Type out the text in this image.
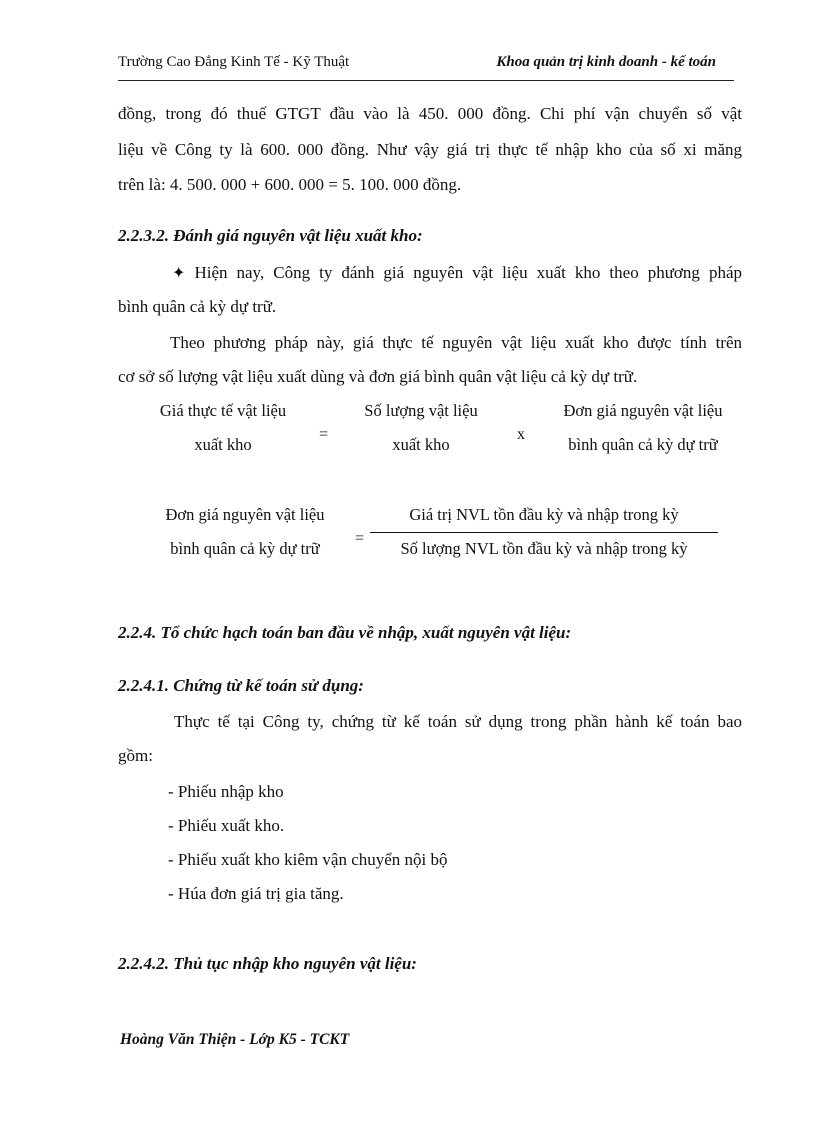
Trường Cao Đẳng Kinh Tế - Kỹ Thuật	Khoa quản trị kinh doanh - kế toán
đồng, trong đó thuế GTGT đầu vào là 450. 000 đồng. Chi phí vận chuyển số vật
liệu về Công ty là 600. 000 đồng. Như vậy giá trị thực tế nhập kho của số xi măng
trên là: 4. 500. 000 + 600. 000 = 5. 100. 000 đồng.
2.2.3.2. Đánh giá nguyên vật liệu xuất kho:
✦ Hiện nay, Công ty đánh giá nguyên vật liệu xuất kho theo phương pháp
bình quân cả kỳ dự trữ.
Theo phương pháp này, giá thực tế nguyên vật liệu xuất kho được tính trên
cơ sở số lượng vật liệu xuất dùng và đơn giá bình quân vật liệu cả kỳ dự trữ.
Giá thực tế vật liệu
xuất kho
=
Số lượng vật liệu
xuất kho
x
Đơn giá nguyên vật liệu
bình quân cả kỳ dự trữ
Đơn giá nguyên vật liệu
bình quân cả kỳ dự trữ
=
Giá trị NVL tồn đầu kỳ và nhập trong kỳ
Số lượng NVL tồn đầu kỳ và nhập trong kỳ
2.2.4. Tổ chức hạch toán ban đầu về nhập, xuất nguyên vật liệu:
2.2.4.1. Chứng từ kế toán sử dụng:
Thực tế tại Công ty, chứng từ kế toán sử dụng trong phần hành kế toán bao
gồm:
- Phiếu nhập kho
- Phiếu xuất kho.
- Phiếu xuất kho kiêm vận chuyển nội bộ
- Húa đơn giá trị gia tăng.
2.2.4.2. Thủ tục nhập kho nguyên vật liệu:
Hoàng Văn Thiện - Lớp K5 - TCKT
